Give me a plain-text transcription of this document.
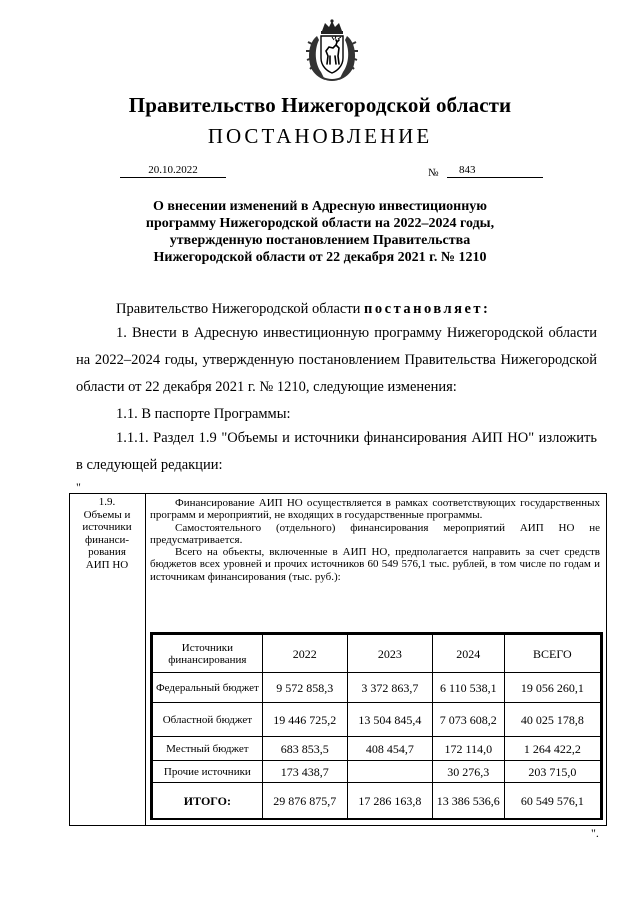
Правительство Нижегородской области
ПОСТАНОВЛЕНИЕ
20.10.2022	№	843
О внесении изменений в Адресную инвестиционную
программу Нижегородской области на 2022–2024 годы,
утвержденную постановлением Правительства
Нижегородской области от 22 декабря 2021 г. № 1210
Правительство Нижегородской области постановляет:
1. Внести в Адресную инвестиционную программу Нижегородской области на 2022–2024 годы, утвержденную постановлением Правительства Нижегородской области от 22 декабря 2021 г. № 1210, следующие изменения:
1.1. В паспорте Программы:
1.1.1. Раздел 1.9 "Объемы и источники финансирования АИП НО" изложить в следующей редакции:
"
1.9.
Объемы и
источники
финанси-
рования
АИП НО

Финансирование АИП НО осуществляется в рамках соответствующих государственных программ и мероприятий, не входящих в государственные программы.

Самостоятельного (отдельного) финансирования мероприятий АИП НО не предусматривается.

Всего на объекты, включенные в АИП НО, предполагается направить за счет средств бюджетов всех уровней и прочих источников 60 549 576,1 тыс. рублей, в том числе по годам и источникам финансирования (тыс. руб.):

Источники финансирования	2022	2023	2024	ВСЕГО
Федеральный бюджет	9 572 858,3	3 372 863,7	6 110 538,1	19 056 260,1
Областной бюджет	19 446 725,2	13 504 845,4	7 073 608,2	40 025 178,8
Местный бюджет	683 853,5	408 454,7	172 114,0	1 264 422,2
Прочие источники	173 438,7		30 276,3	203 715,0
ИТОГО:	29 876 875,7	17 286 163,8	13 386 536,6	60 549 576,1
".
